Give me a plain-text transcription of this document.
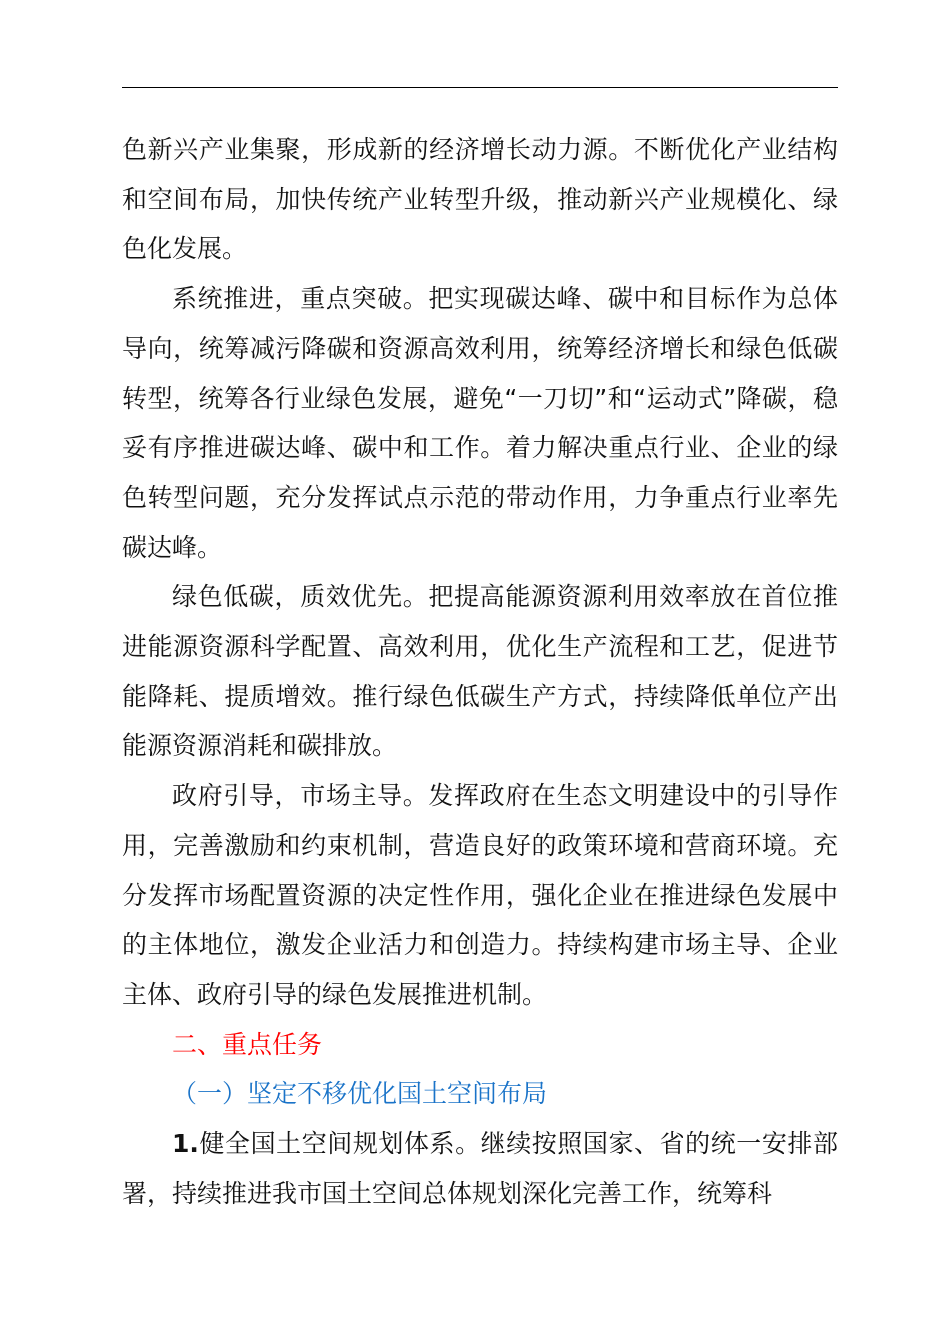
色新兴产业集聚，形成新的经济增长动力源。不断优化产业结构和空间布局，加快传统产业转型升级，推动新兴产业规模化、绿色化发展。

系统推进，重点突破。把实现碳达峰、碳中和目标作为总体导向，统筹减污降碳和资源高效利用，统筹经济增长和绿色低碳转型，统筹各行业绿色发展，避免“一刀切”和“运动式”降碳，稳妥有序推进碳达峰、碳中和工作。着力解决重点行业、企业的绿色转型问题，充分发挥试点示范的带动作用，力争重点行业率先碳达峰。

绿色低碳，质效优先。把提高能源资源利用效率放在首位推进能源资源科学配置、高效利用，优化生产流程和工艺，促进节能降耗、提质增效。推行绿色低碳生产方式，持续降低单位产出能源资源消耗和碳排放。

政府引导，市场主导。发挥政府在生态文明建设中的引导作用，完善激励和约束机制，营造良好的政策环境和营商环境。充分发挥市场配置资源的决定性作用，强化企业在推进绿色发展中的主体地位，激发企业活力和创造力。持续构建市场主导、企业主体、政府引导的绿色发展推进机制。

二、重点任务

（一）坚定不移优化国土空间布局

1.健全国土空间规划体系。继续按照国家、省的统一安排部署，持续推进我市国土空间总体规划深化完善工作，统筹科
